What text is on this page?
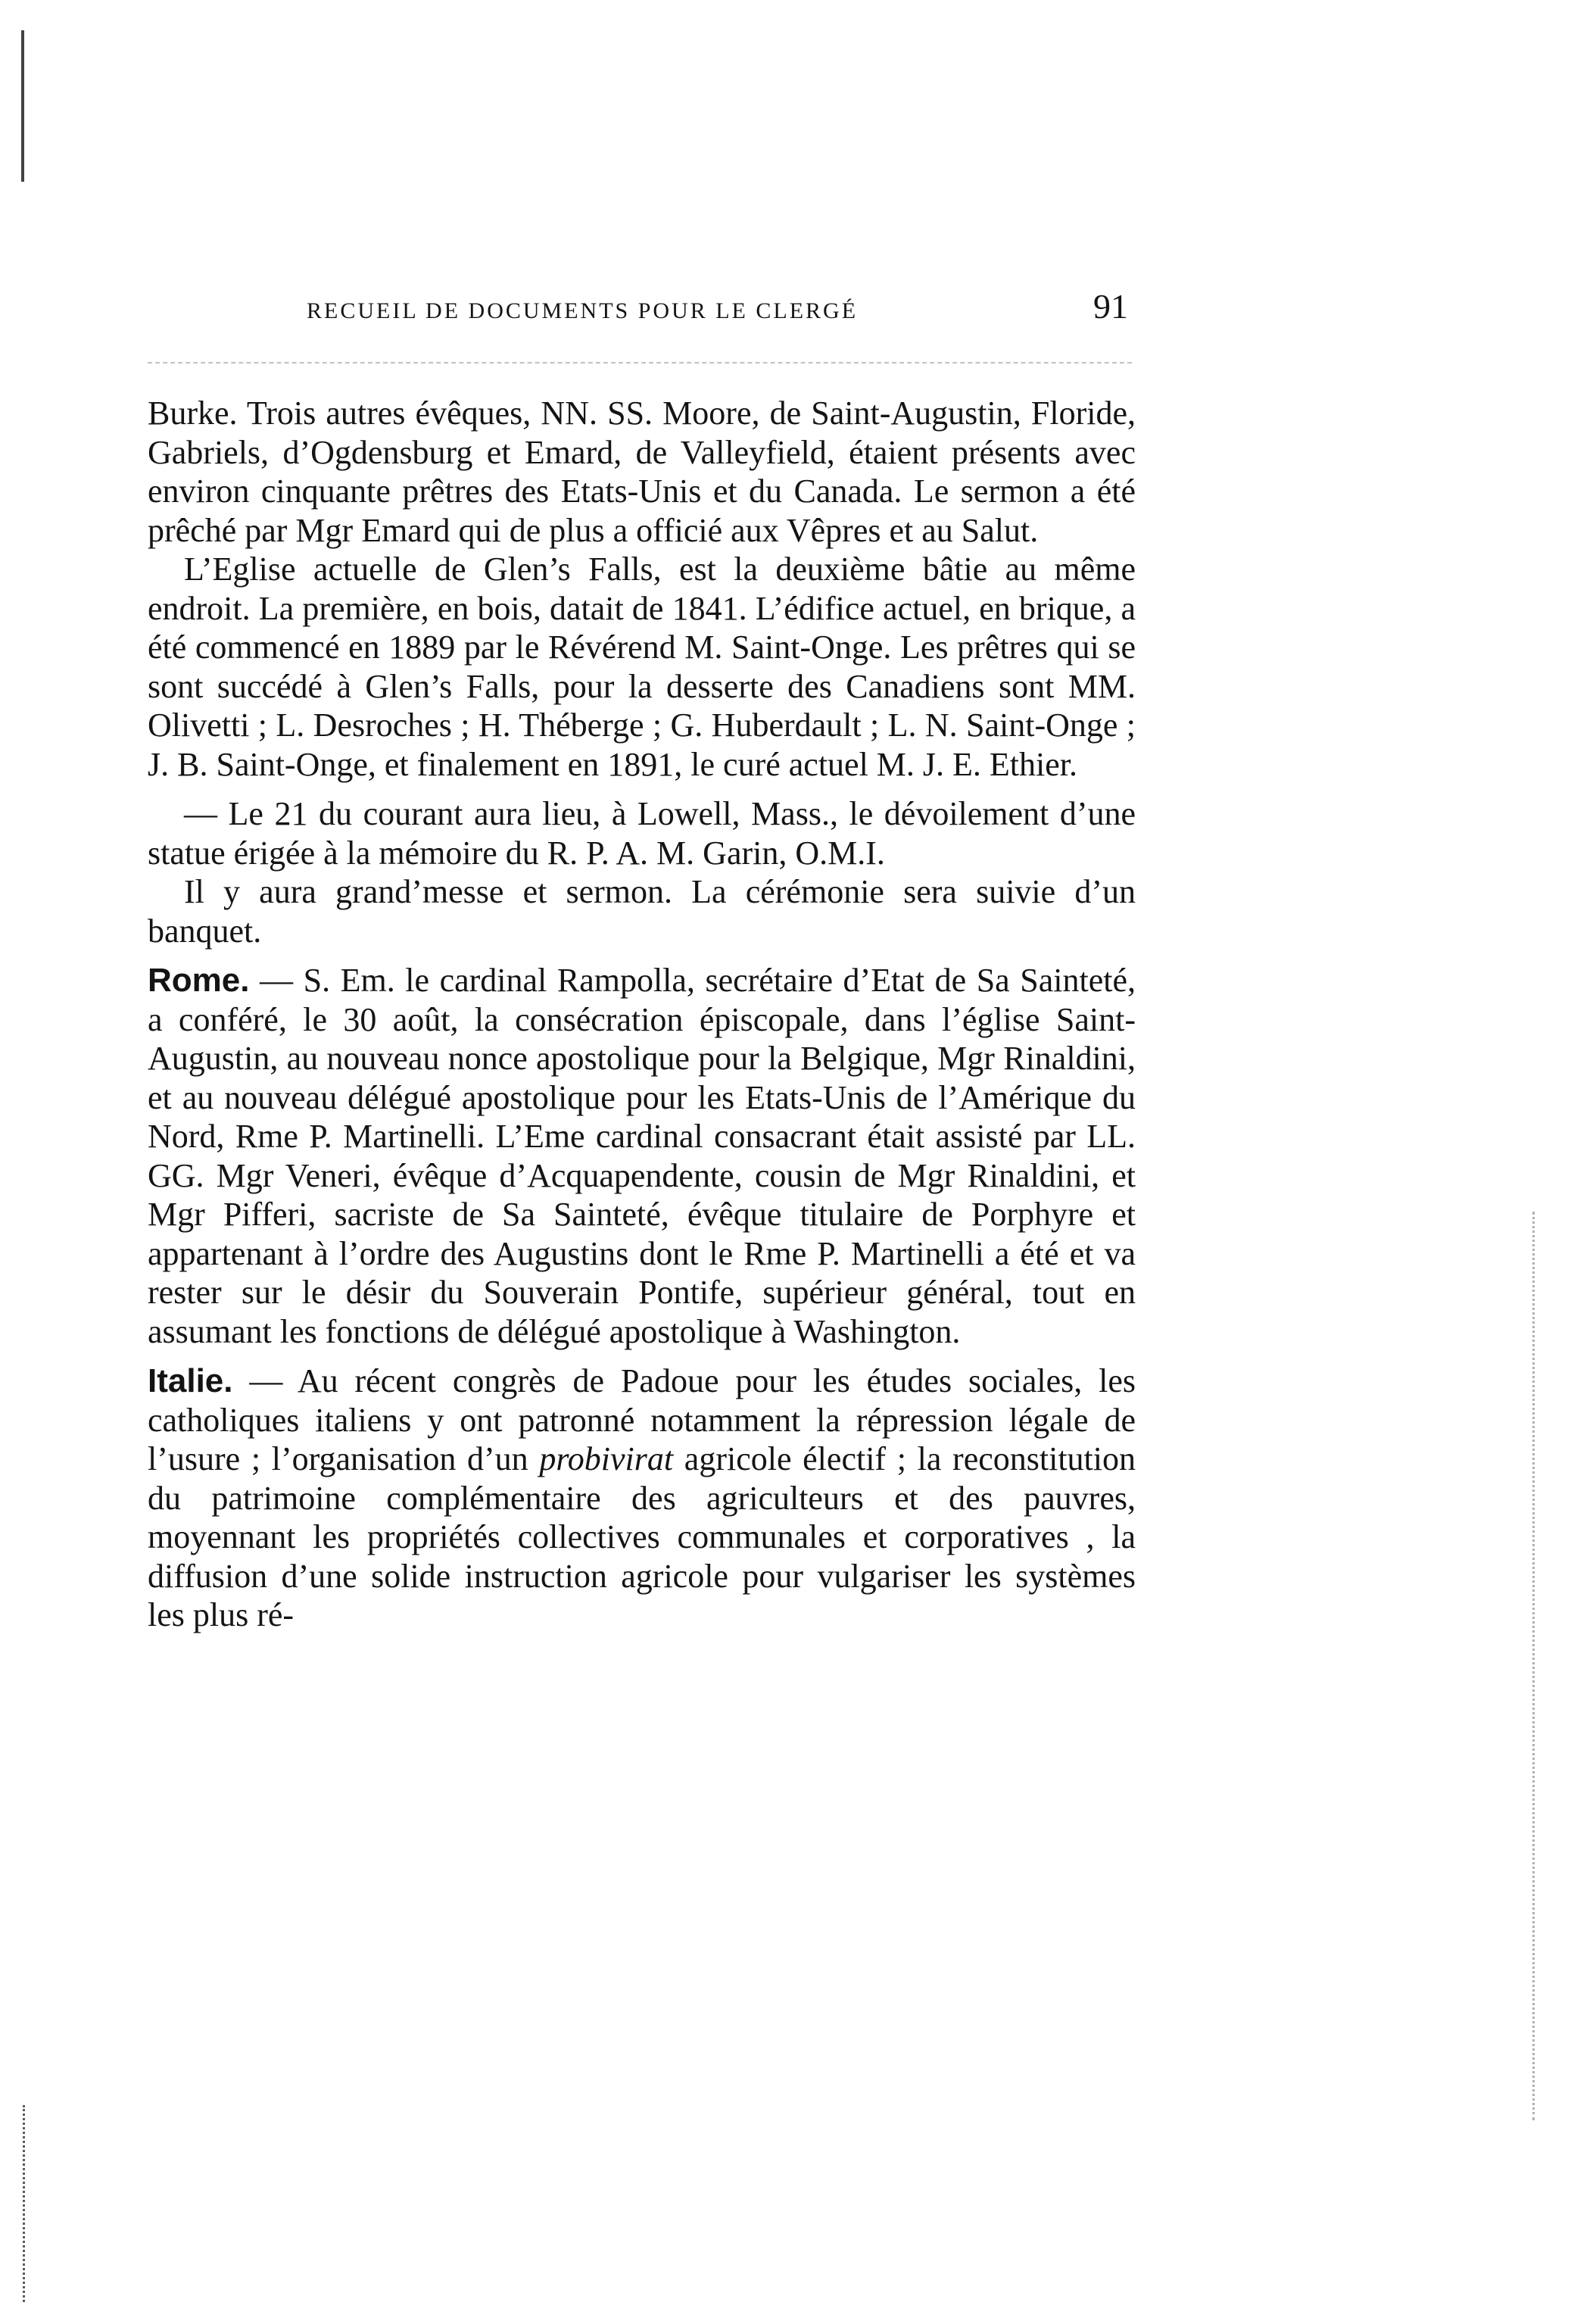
RECUEIL DE DOCUMENTS POUR LE CLERGÉ	91

Burke. Trois autres évêques, NN. SS. Moore, de Saint-Augustin, Floride, Gabriels, d’Ogdensburg et Emard, de Valleyfield, étaient présents avec environ cinquante prêtres des Etats-Unis et du Canada. Le sermon a été prêché par Mgr Emard qui de plus a officié aux Vêpres et au Salut.

L’Eglise actuelle de Glen’s Falls, est la deuxième bâtie au même endroit. La première, en bois, datait de 1841. L’édifice actuel, en brique, a été commencé en 1889 par le Révérend M. Saint-Onge. Les prêtres qui se sont succédé à Glen’s Falls, pour la desserte des Canadiens sont MM. Olivetti ; L. Desroches ; H. Théberge ; G. Huberdault ; L. N. Saint-Onge ; J. B. Saint-Onge, et finalement en 1891, le curé actuel M. J. E. Ethier.

— Le 21 du courant aura lieu, à Lowell, Mass., le dévoilement d’une statue érigée à la mémoire du R. P. A. M. Garin, O.M.I.

Il y aura grand’messe et sermon. La cérémonie sera suivie d’un banquet.

Rome. — S. Em. le cardinal Rampolla, secrétaire d’Etat de Sa Sainteté, a conféré, le 30 août, la consécration épiscopale, dans l’église Saint-Augustin, au nouveau nonce apostolique pour la Belgique, Mgr Rinaldini, et au nouveau délégué apostolique pour les Etats-Unis de l’Amérique du Nord, Rme P. Martinelli. L’Eme cardinal consacrant était assisté par LL. GG. Mgr Veneri, évêque d’Acquapendente, cousin de Mgr Rinaldini, et Mgr Pifferi, sacriste de Sa Sainteté, évêque titulaire de Porphyre et appartenant à l’ordre des Augustins dont le Rme P. Martinelli a été et va rester sur le désir du Souverain Pontife, supérieur général, tout en assumant les fonctions de délégué apostolique à Washington.

Italie. — Au récent congrès de Padoue pour les études sociales, les catholiques italiens y ont patronné notamment la répression légale de l’usure ; l’organisation d’un probivirat agricole électif ; la reconstitution du patrimoine complémentaire des agriculteurs et des pauvres, moyennant les propriétés collectives communales et corporatives , la diffusion d’une solide instruction agricole pour vulgariser les systèmes les plus ré-
